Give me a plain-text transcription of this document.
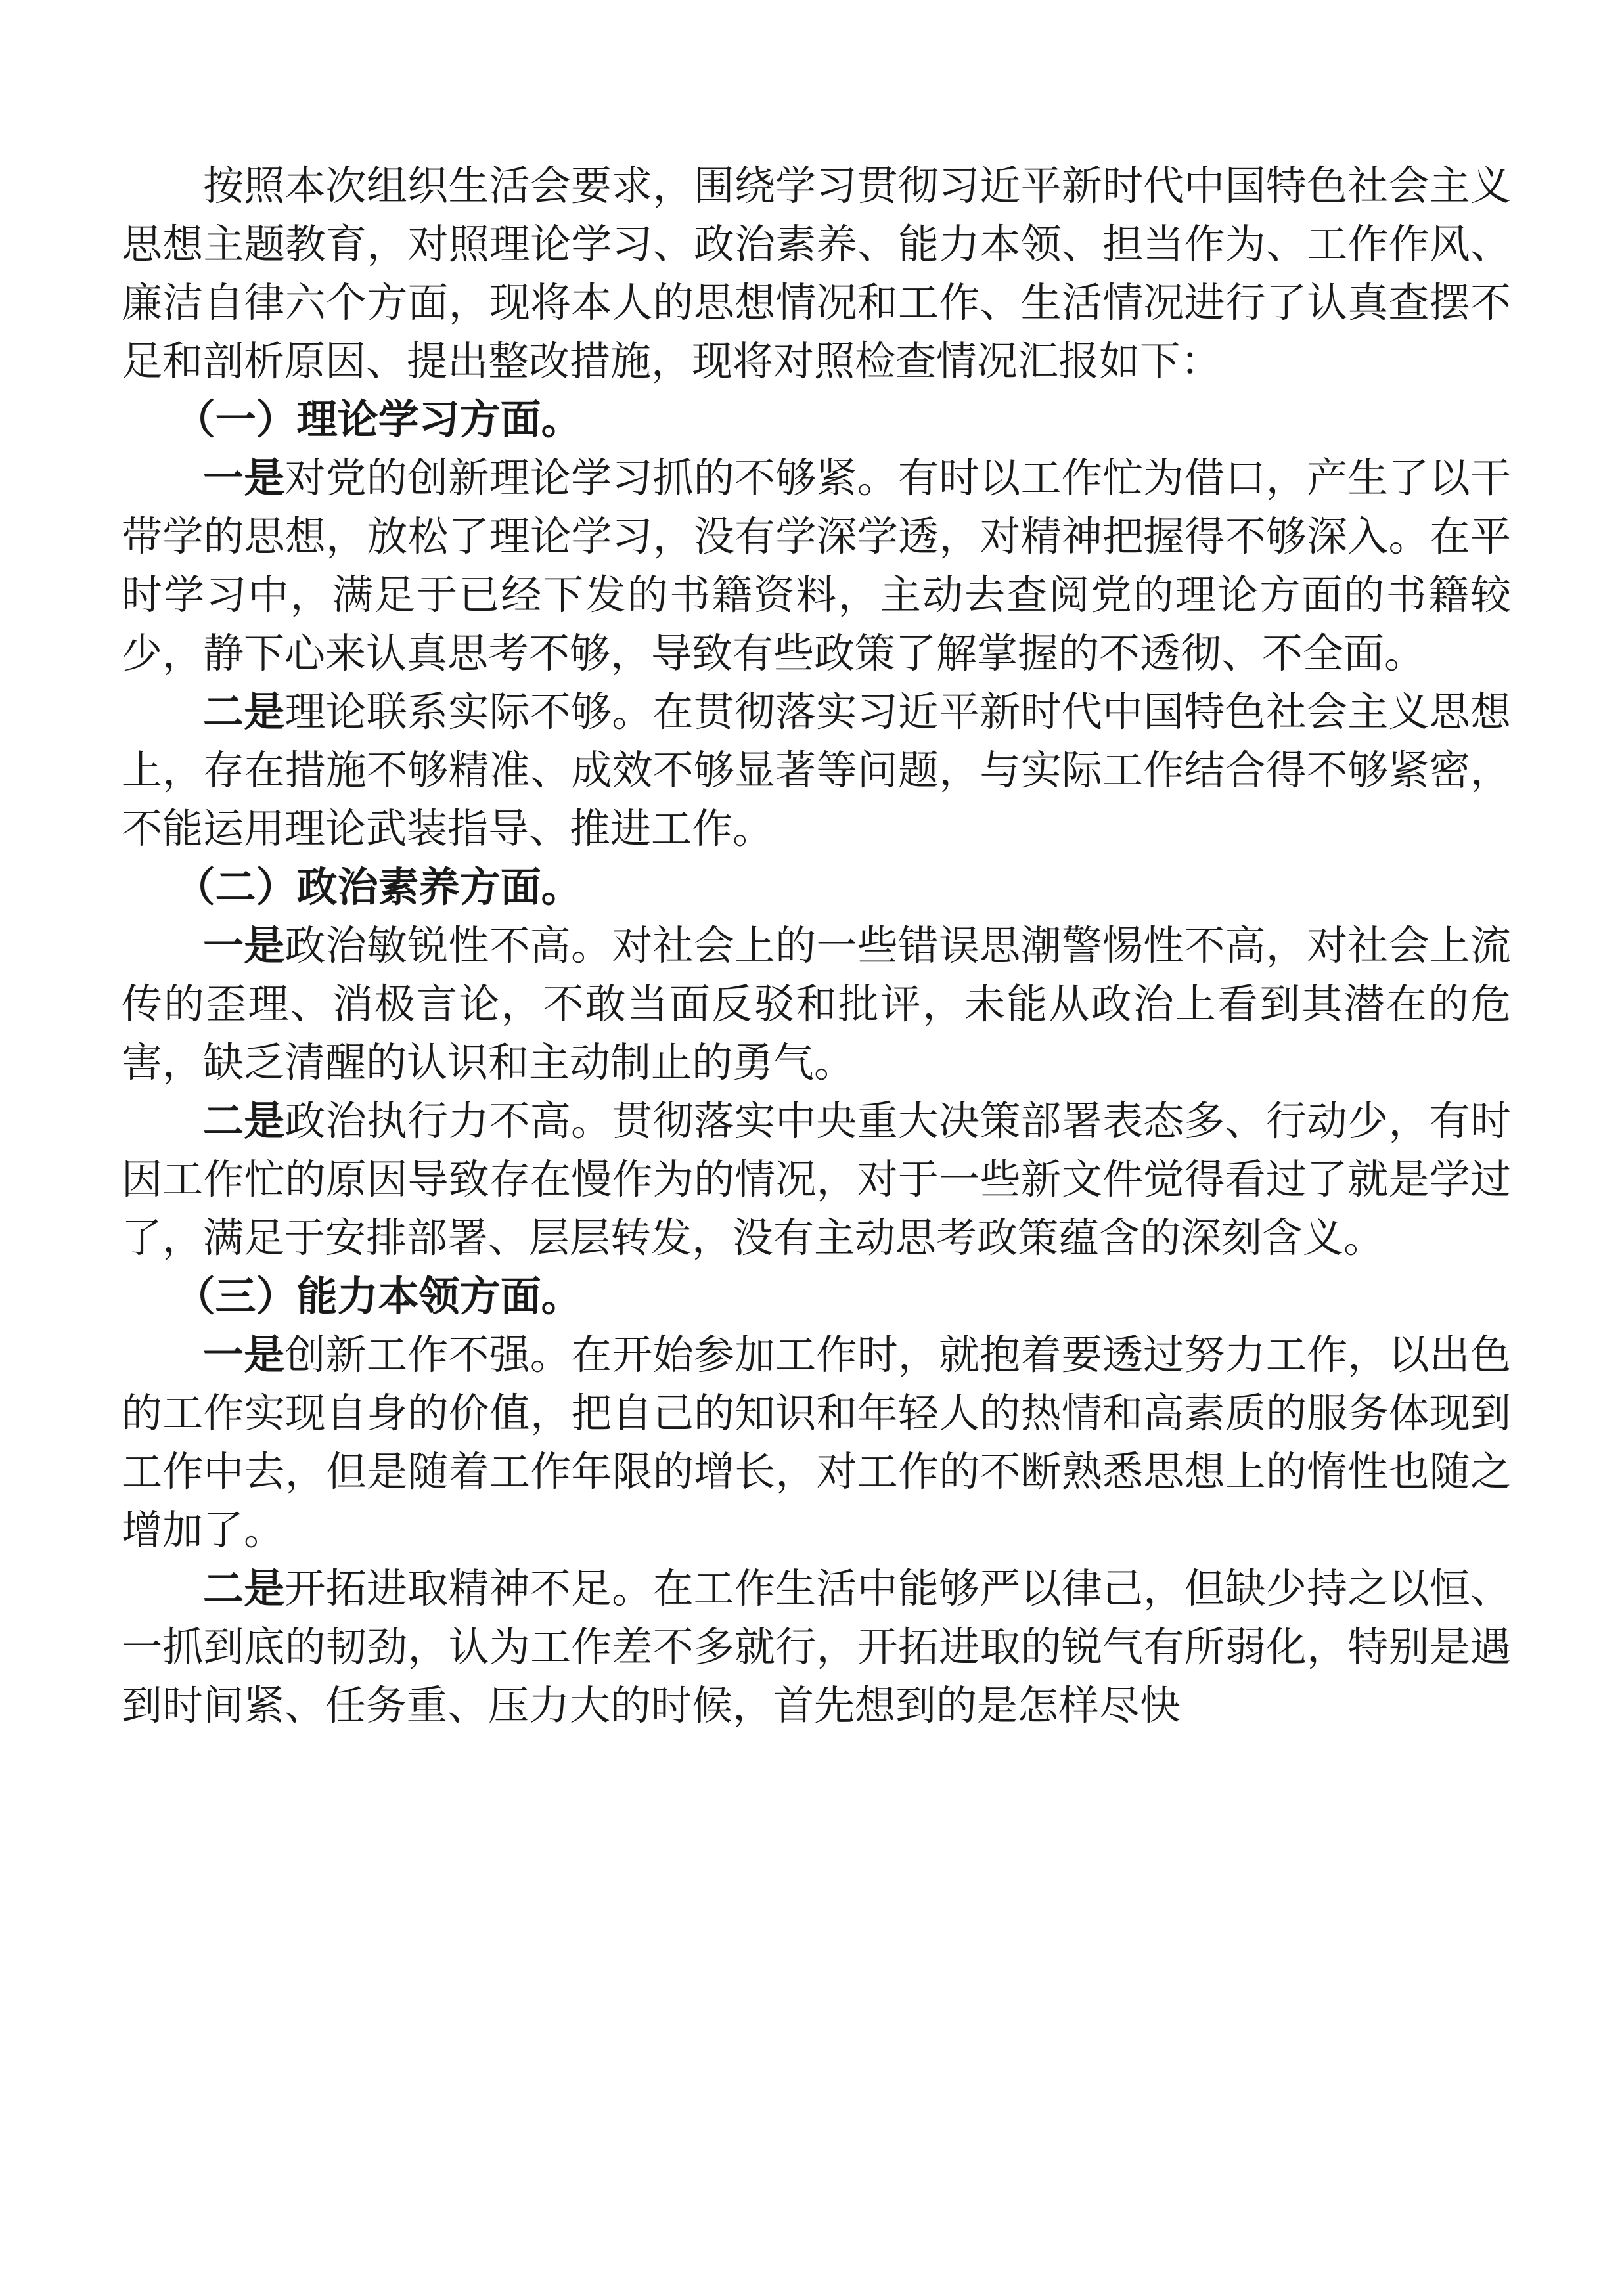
按照本次组织生活会要求，围绕学习贯彻习近平新时代中国特色社会主义思想主题教育，对照理论学习、政治素养、能力本领、担当作为、工作作风、廉洁自律六个方面，现将本人的思想情况和工作、生活情况进行了认真查摆不足和剖析原因、提出整改措施，现将对照检查情况汇报如下：

（一）理论学习方面。

一是对党的创新理论学习抓的不够紧。有时以工作忙为借口，产生了以干带学的思想，放松了理论学习，没有学深学透，对精神把握得不够深入。在平时学习中，满足于已经下发的书籍资料，主动去查阅党的理论方面的书籍较少，静下心来认真思考不够，导致有些政策了解掌握的不透彻、不全面。

二是理论联系实际不够。在贯彻落实习近平新时代中国特色社会主义思想上，存在措施不够精准、成效不够显著等问题，与实际工作结合得不够紧密，不能运用理论武装指导、推进工作。

（二）政治素养方面。

一是政治敏锐性不高。对社会上的一些错误思潮警惕性不高，对社会上流传的歪理、消极言论，不敢当面反驳和批评，未能从政治上看到其潜在的危害，缺乏清醒的认识和主动制止的勇气。

二是政治执行力不高。贯彻落实中央重大决策部署表态多、行动少，有时因工作忙的原因导致存在慢作为的情况，对于一些新文件觉得看过了就是学过了，满足于安排部署、层层转发，没有主动思考政策蕴含的深刻含义。

（三）能力本领方面。

一是创新工作不强。在开始参加工作时，就抱着要透过努力工作，以出色的工作实现自身的价值，把自己的知识和年轻人的热情和高素质的服务体现到工作中去，但是随着工作年限的增长，对工作的不断熟悉思想上的惰性也随之增加了。

二是开拓进取精神不足。在工作生活中能够严以律己，但缺少持之以恒、一抓到底的韧劲，认为工作差不多就行，开拓进取的锐气有所弱化，特别是遇到时间紧、任务重、压力大的时候，首先想到的是怎样尽快
